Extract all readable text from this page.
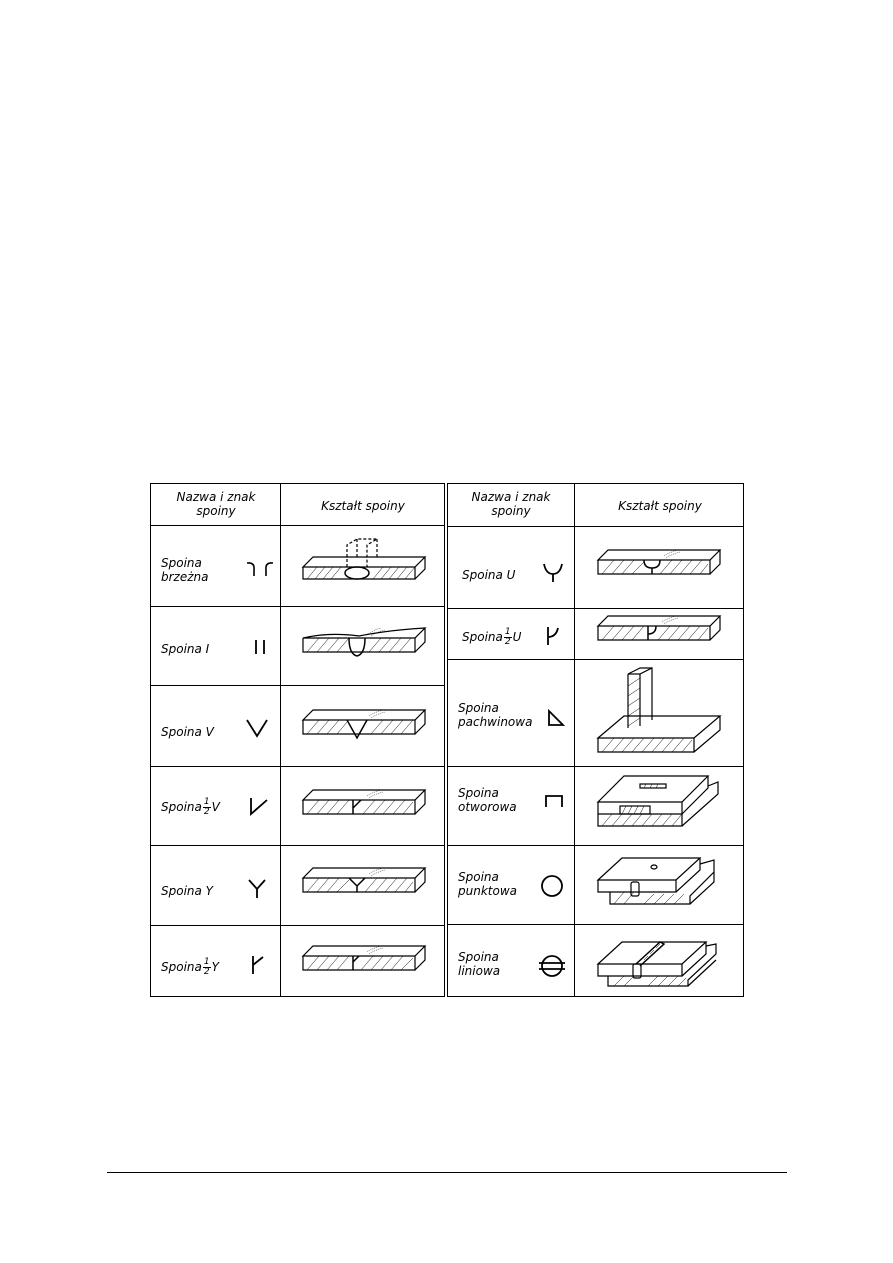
Nazwa i znak spoiny	Kształt spoiny
Spoina
brzeżna
Spoina I
Spoina V
Spoina $\frac{1}{2}$ V
Spoina Y
Spoina $\frac{1}{2}$ Y
Nazwa i znak spoiny	Kształt spoiny
Spoina U
Spoina $\frac{1}{2}$ U
Spoina
pachwinowa
Spoina
otworowa
Spoina
punktowa
Spoina
liniowa
